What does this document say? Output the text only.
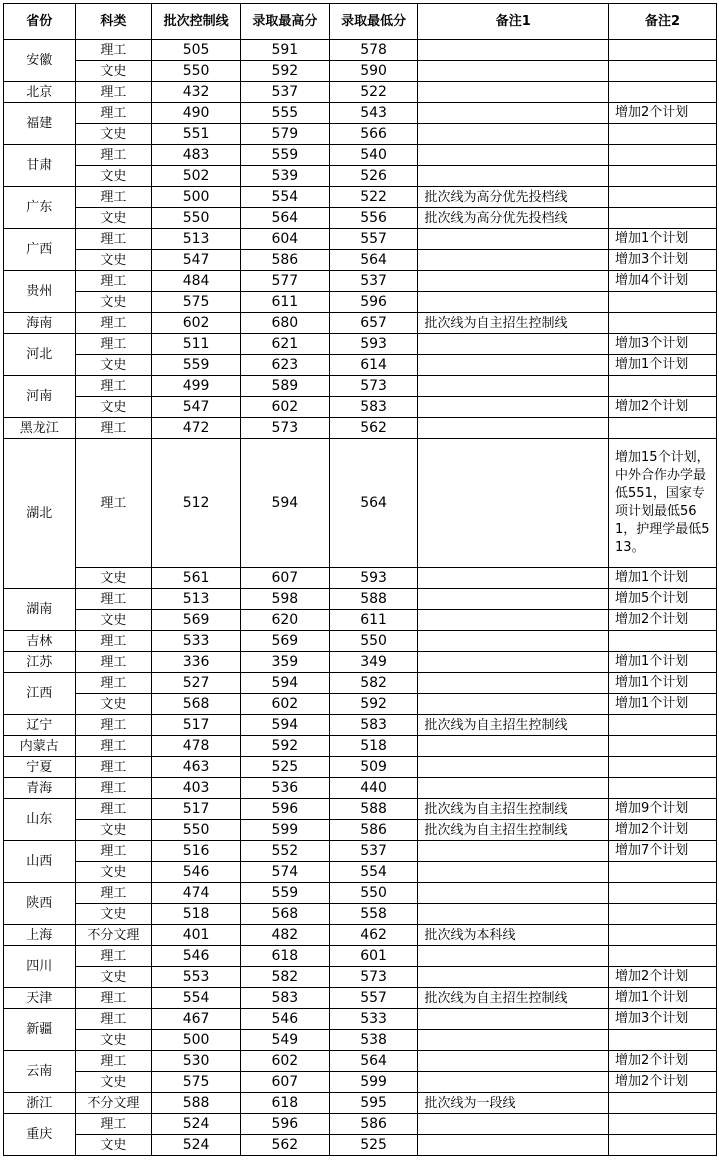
省份	科类	批次控制线	录取最高分	录取最低分	备注1	备注2
安徽	理工	505	591	578		
	文史	550	592	590		
北京	理工	432	537	522		
福建	理工	490	555	543		增加2个计划
	文史	551	579	566		
甘肃	理工	483	559	540		
	文史	502	539	526		
广东	理工	500	554	522	批次线为高分优先投档线	
	文史	550	564	556	批次线为高分优先投档线	
广西	理工	513	604	557		增加1个计划
	文史	547	586	564		增加3个计划
贵州	理工	484	577	537		增加4个计划
	文史	575	611	596		
海南	理工	602	680	657	批次线为自主招生控制线	
河北	理工	511	621	593		增加3个计划
	文史	559	623	614		增加1个计划
河南	理工	499	589	573		
	文史	547	602	583		增加2个计划
黑龙江	理工	472	573	562		
湖北	理工	512	594	564		增加15个计划，中外合作办学最低551，国家专项计划最低561，护理学最低513。
	文史	561	607	593		增加1个计划
湖南	理工	513	598	588		增加5个计划
	文史	569	620	611		增加2个计划
吉林	理工	533	569	550		
江苏	理工	336	359	349		增加1个计划
江西	理工	527	594	582		增加1个计划
	文史	568	602	592		增加1个计划
辽宁	理工	517	594	583	批次线为自主招生控制线	
内蒙古	理工	478	592	518		
宁夏	理工	463	525	509		
青海	理工	403	536	440		
山东	理工	517	596	588	批次线为自主招生控制线	增加9个计划
	文史	550	599	586	批次线为自主招生控制线	增加2个计划
山西	理工	516	552	537		增加7个计划
	文史	546	574	554		
陕西	理工	474	559	550		
	文史	518	568	558		
上海	不分文理	401	482	462	批次线为本科线	
四川	理工	546	618	601		
	文史	553	582	573		增加2个计划
天津	理工	554	583	557	批次线为自主招生控制线	增加1个计划
新疆	理工	467	546	533		增加3个计划
	文史	500	549	538		
云南	理工	530	602	564		增加2个计划
	文史	575	607	599		增加2个计划
浙江	不分文理	588	618	595	批次线为一段线	
重庆	理工	524	596	586		
	文史	524	562	525		
